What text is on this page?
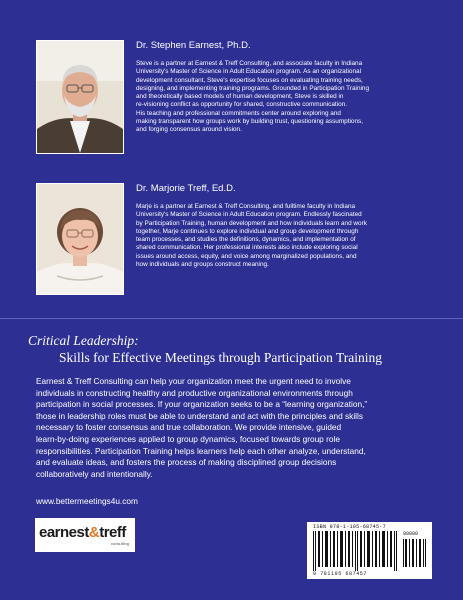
Dr. Stephen Earnest, Ph.D.
Steve is a partner at Earnest & Treff Consulting, and associate faculty in Indiana
University's Master of Science in Adult Education program. As an organizational
development consultant, Steve's expertise focuses on evaluating training needs,
designing, and implementing training programs. Grounded in Participation Training
and theoretically based models of human development, Steve is skilled in
re-visioning conflict as opportunity for shared, constructive communication.
His teaching and professional commitments center around exploring and
making transparent how groups work by building trust, questioning assumptions,
and forging consensus around vision.
Dr. Marjorie Treff, Ed.D.
Marje is a partner at Earnest & Treff Consulting, and fulltime faculty in Indiana
University's Master of Science in Adult Education program. Endlessly fascinated
by Participation Training, human development and how individuals learn and work
together, Marje continues to explore individual and group development through
team processes, and studies the definitions, dynamics, and implementation of
shared communication. Her professional interests also include exploring social
issues around access, equity, and voice among marginalized populations, and
how individuals and groups construct meaning.
Critical Leadership:
Skills for Effective Meetings through Participation Training
Earnest & Treff Consulting can help your organization meet the urgent need to involve
individuals in constructing healthy and productive organizational environments through
participation in social processes. If your organization seeks to be a “learning organization,”
those in leadership roles must be able to understand and act with the principles and skills
necessary to foster consensus and true collaboration. We provide intensive, guided
learn-by-doing experiences applied to group dynamics, focused towards group role
responsibilities. Participation Training helps learners help each other analyze, understand,
and evaluate ideas, and fosters the process of making disciplined group decisions
collaboratively and intentionally.
www.bettermeetings4u.com
earnest&treff
consulting
ISBN 978-1-105-68745-7
90000
9 781105 687457
